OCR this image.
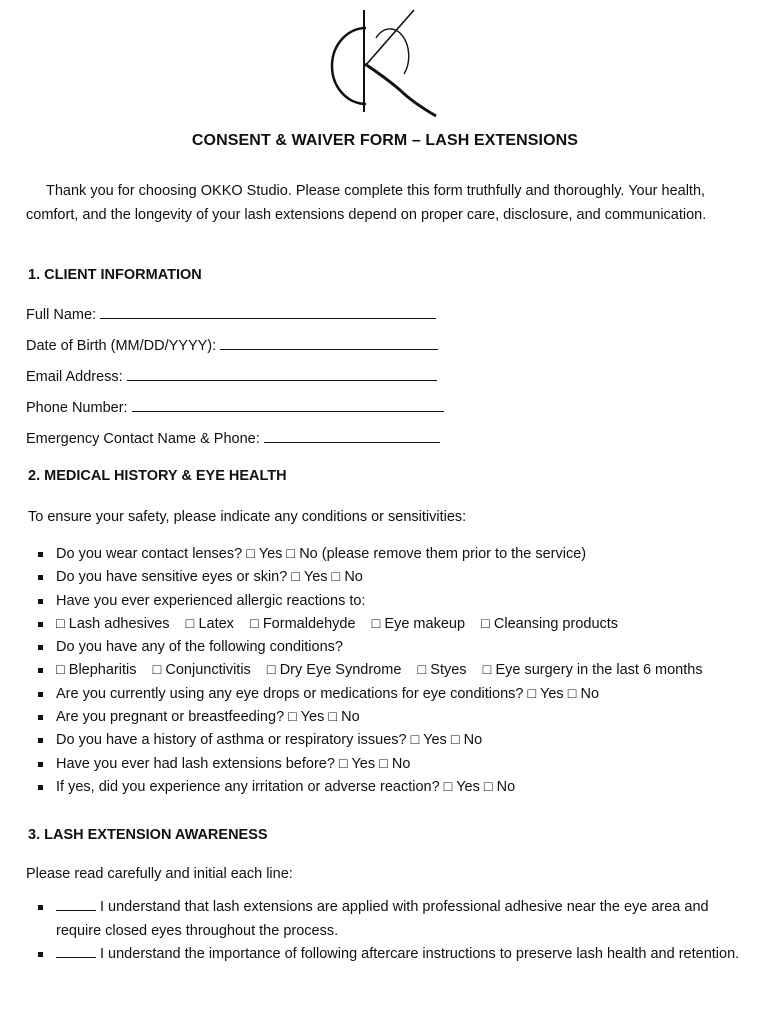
CONSENT & WAIVER FORM – LASH EXTENSIONS
Thank you for choosing OKKO Studio. Please complete this form truthfully and thoroughly. Your health, comfort, and the longevity of your lash extensions depend on proper care, disclosure, and communication.
1. CLIENT INFORMATION
Full Name:
Date of Birth (MM/DD/YYYY):
Email Address:
Phone Number:
Emergency Contact Name & Phone:
2. MEDICAL HISTORY & EYE HEALTH
To ensure your safety, please indicate any conditions or sensitivities:
Do you wear contact lenses? □ Yes □ No (please remove them prior to the service)
Do you have sensitive eyes or skin? □ Yes □ No
Have you ever experienced allergic reactions to:
□ Lash adhesives    □ Latex    □ Formaldehyde    □ Eye makeup    □ Cleansing products
Do you have any of the following conditions?
□ Blepharitis    □ Conjunctivitis    □ Dry Eye Syndrome    □ Styes    □ Eye surgery in the last 6 months
Are you currently using any eye drops or medications for eye conditions? □ Yes □ No
Are you pregnant or breastfeeding? □ Yes □ No
Do you have a history of asthma or respiratory issues? □ Yes □ No
Have you ever had lash extensions before? □ Yes □ No
If yes, did you experience any irritation or adverse reaction? □ Yes □ No
3. LASH EXTENSION AWARENESS
Please read carefully and initial each line:
I understand that lash extensions are applied with professional adhesive near the eye area and require closed eyes throughout the process.
I understand the importance of following aftercare instructions to preserve lash health and retention.
